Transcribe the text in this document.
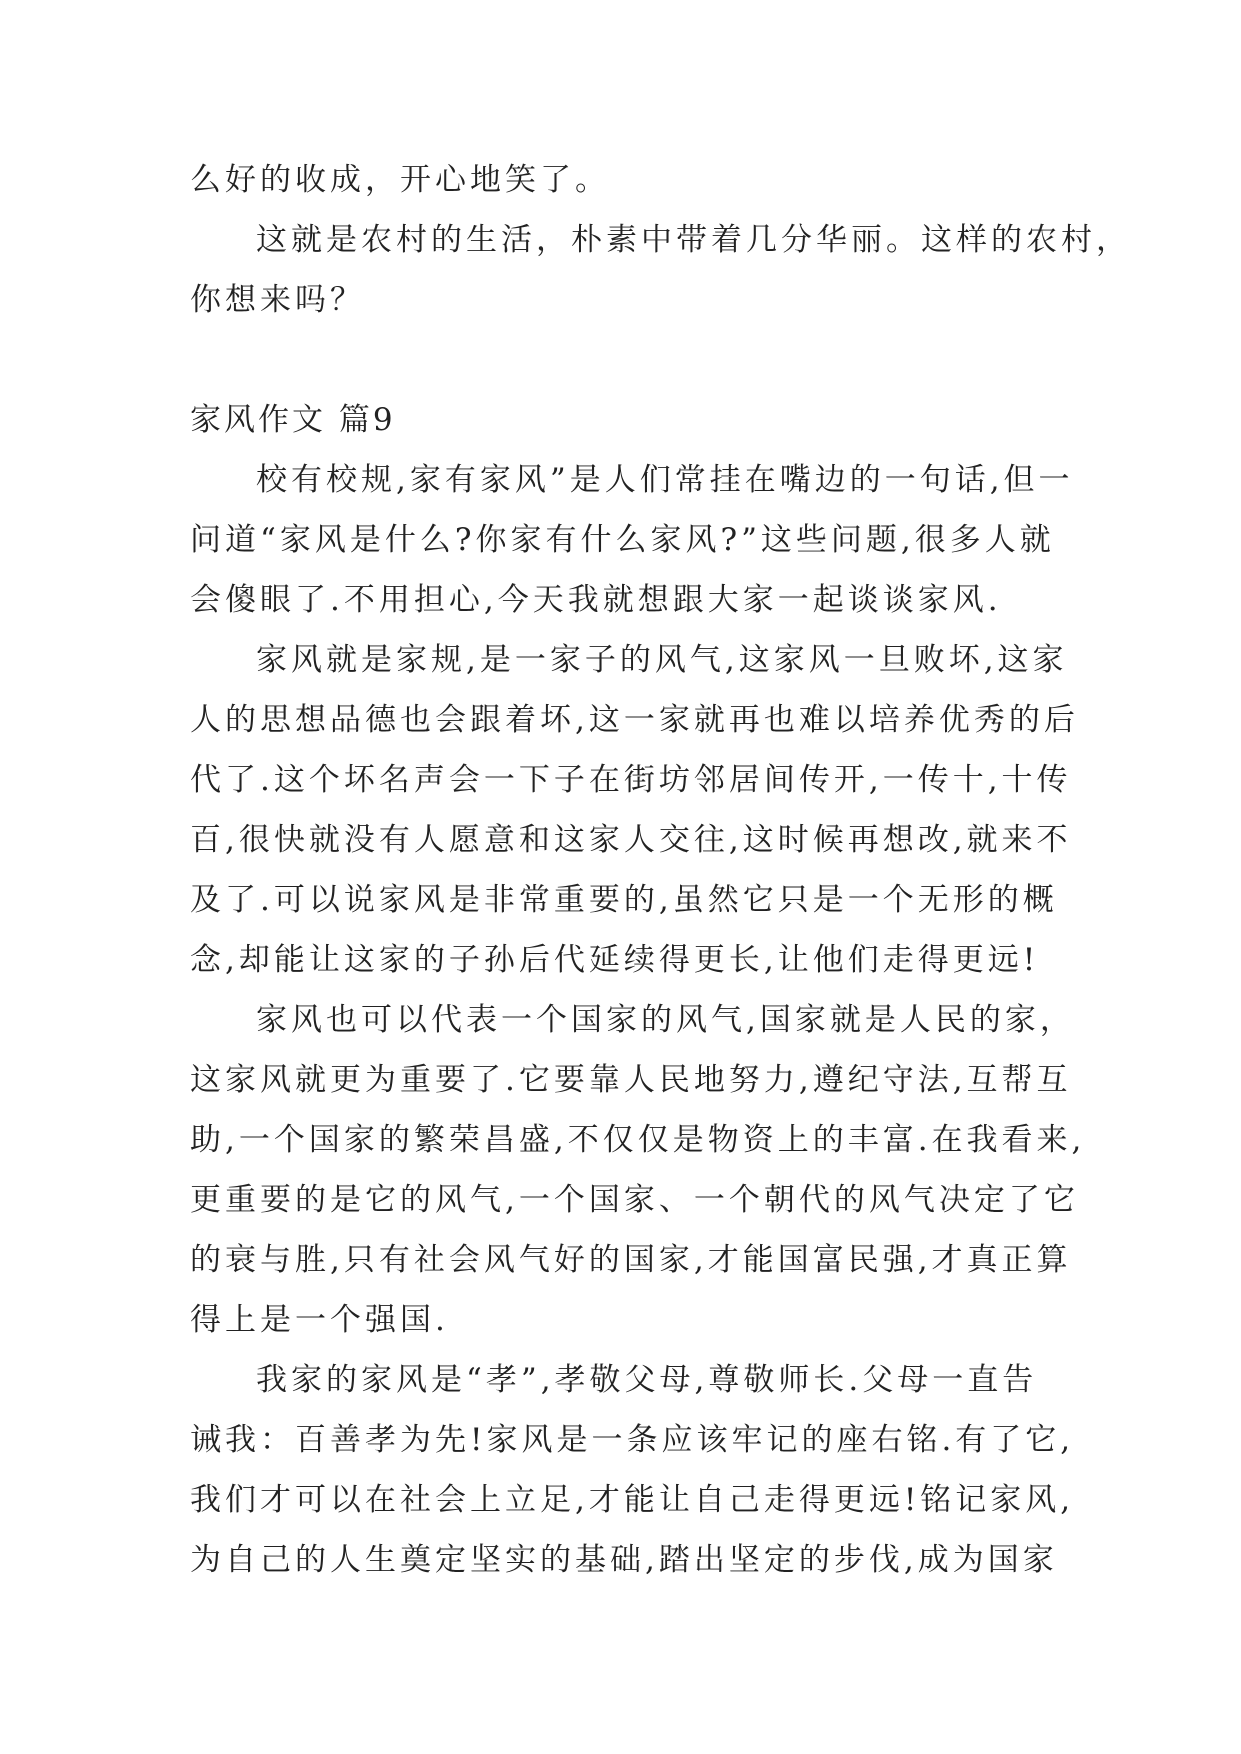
么好的收成，开心地笑了。
这就是农村的生活，朴素中带着几分华丽。这样的农村，
你想来吗？
家风作文 篇9
校有校规,家有家风”是人们常挂在嘴边的一句话,但一
问道“家风是什么?你家有什么家风?”这些问题,很多人就
会傻眼了.不用担心,今天我就想跟大家一起谈谈家风.
家风就是家规,是一家子的风气,这家风一旦败坏,这家
人的思想品德也会跟着坏,这一家就再也难以培养优秀的后
代了.这个坏名声会一下子在街坊邻居间传开,一传十,十传
百,很快就没有人愿意和这家人交往,这时候再想改,就来不
及了.可以说家风是非常重要的,虽然它只是一个无形的概
念,却能让这家的子孙后代延续得更长,让他们走得更远!
家风也可以代表一个国家的风气,国家就是人民的家，
这家风就更为重要了.它要靠人民地努力,遵纪守法,互帮互
助,一个国家的繁荣昌盛,不仅仅是物资上的丰富.在我看来,
更重要的是它的风气,一个国家、一个朝代的风气决定了它
的衰与胜,只有社会风气好的国家,才能国富民强,才真正算
得上是一个强国.
我家的家风是“孝”,孝敬父母,尊敬师长.父母一直告
诫我：百善孝为先!家风是一条应该牢记的座右铭.有了它,
我们才可以在社会上立足,才能让自己走得更远!铭记家风,
为自己的人生奠定坚实的基础,踏出坚定的步伐,成为国家
